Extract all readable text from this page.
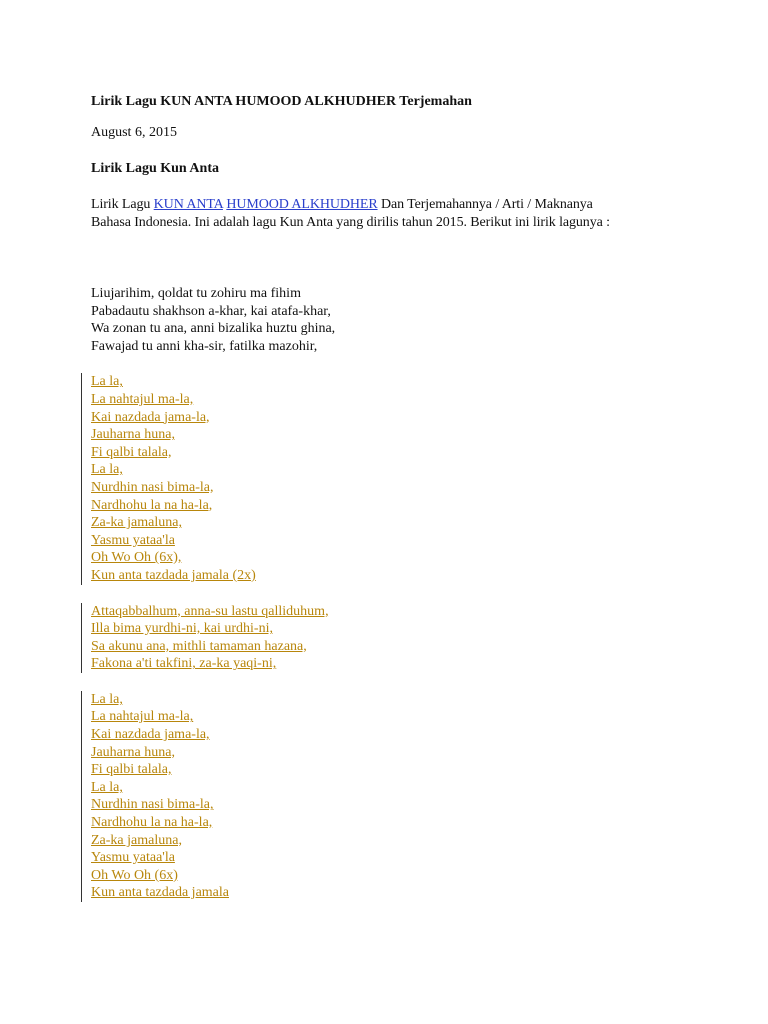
Lirik Lagu KUN ANTA HUMOOD ALKHUDHER Terjemahan

August 6, 2015
Lirik Lagu Kun Anta
Lirik Lagu KUN ANTA HUMOOD ALKHUDHER Dan Terjemahannya / Arti / Maknanya
Bahasa Indonesia. Ini adalah lagu Kun Anta yang dirilis tahun 2015. Berikut ini lirik lagunya :
Liujarihim, qoldat tu zohiru ma fihim
Pabadautu shakhson a-khar, kai atafa-khar,
Wa zonan tu ana, anni bizalika huztu ghina,
Fawajad tu anni kha-sir, fatilka mazohir,
La la,
La nahtajul ma-la,
Kai nazdada jama-la,
Jauharna huna,
Fi qalbi talala,
La la,
Nurdhin nasi bima-la,
Nardhohu la na ha-la,
Za-ka jamaluna,
Yasmu yataa'la
Oh Wo Oh (6x),
Kun anta tazdada jamala (2x)
Attaqabbalhum, anna-su lastu qalliduhum,
Illa bima yurdhi-ni, kai urdhi-ni,
Sa akunu ana, mithli tamaman hazana,
Fakona a'ti takfini, za-ka yaqi-ni,
La la,
La nahtajul ma-la,
Kai nazdada jama-la,
Jauharna huna,
Fi qalbi talala,
La la,
Nurdhin nasi bima-la,
Nardhohu la na ha-la,
Za-ka jamaluna,
Yasmu yataa'la
Oh Wo Oh (6x)
Kun anta tazdada jamala
